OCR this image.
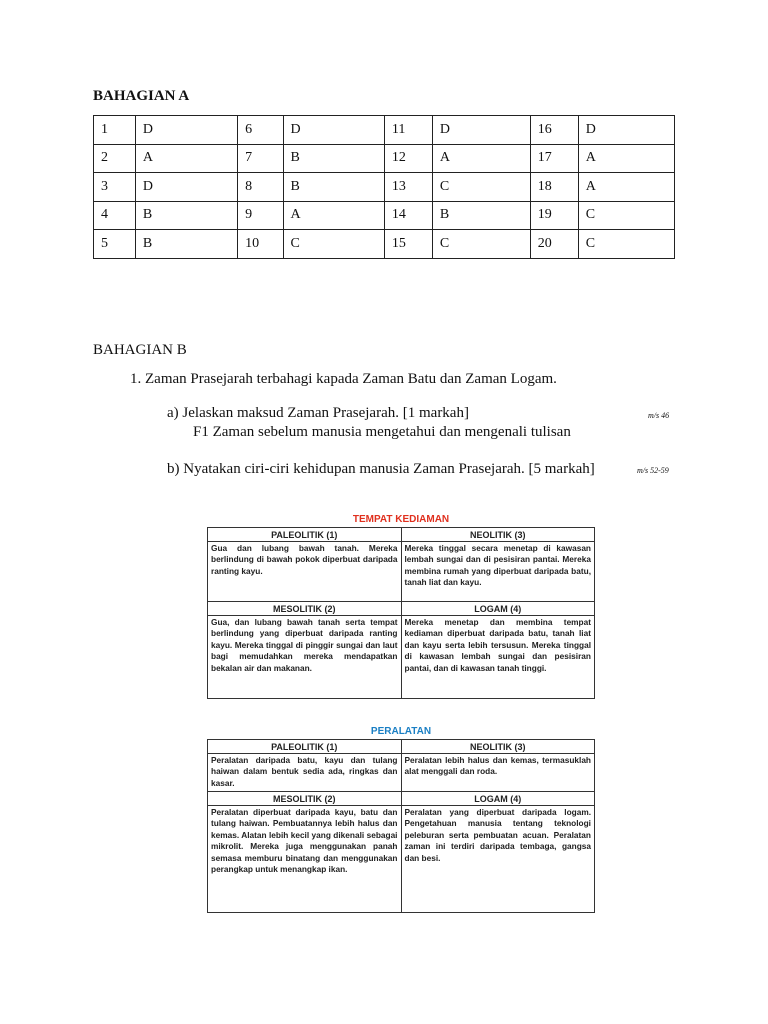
BAHAGIAN A
1	D	6	D	11	D	16	D
2	A	7	B	12	A	17	A
3	D	8	B	13	C	18	A
4	B	9	A	14	B	19	C
5	B	10	C	15	C	20	C
BAHAGIAN B
1. Zaman Prasejarah terbahagi kapada Zaman Batu dan Zaman Logam.
a) Jelaskan maksud Zaman Prasejarah. [1 markah]	m/s 46
F1 Zaman sebelum manusia mengetahui dan mengenali tulisan
b) Nyatakan ciri-ciri kehidupan manusia Zaman Prasejarah. [5 markah]	m/s 52-59
TEMPAT KEDIAMAN
PALEOLITIK (1)	NEOLITIK (3)
Gua dan lubang bawah tanah. Mereka berlindung di bawah pokok diperbuat daripada ranting kayu.	Mereka tinggal secara menetap di kawasan lembah sungai dan di pesisiran pantai. Mereka membina rumah yang diperbuat daripada batu, tanah liat dan kayu.
MESOLITIK (2)	LOGAM (4)
Gua, dan lubang bawah tanah serta tempat berlindung yang diperbuat daripada ranting kayu. Mereka tinggal di pinggir sungai dan laut bagi memudahkan mereka mendapatkan bekalan air dan makanan.	Mereka menetap dan membina tempat kediaman diperbuat daripada batu, tanah liat dan kayu serta lebih tersusun. Mereka tinggal di kawasan lembah sungai dan pesisiran pantai, dan di kawasan tanah tinggi.
PERALATAN
PALEOLITIK (1)	NEOLITIK (3)
Peralatan daripada batu, kayu dan tulang haiwan dalam bentuk sedia ada, ringkas dan kasar.	Peralatan lebih halus dan kemas, termasuklah alat menggali dan roda.
MESOLITIK (2)	LOGAM (4)
Peralatan diperbuat daripada kayu, batu dan tulang haiwan. Pembuatannya lebih halus dan kemas. Alatan lebih kecil yang dikenali sebagai mikrolit. Mereka juga menggunakan panah semasa memburu binatang dan menggunakan perangkap untuk menangkap ikan.	Peralatan yang diperbuat daripada logam. Pengetahuan manusia tentang teknologi peleburan serta pembuatan acuan. Peralatan zaman ini terdiri daripada tembaga, gangsa dan besi.
